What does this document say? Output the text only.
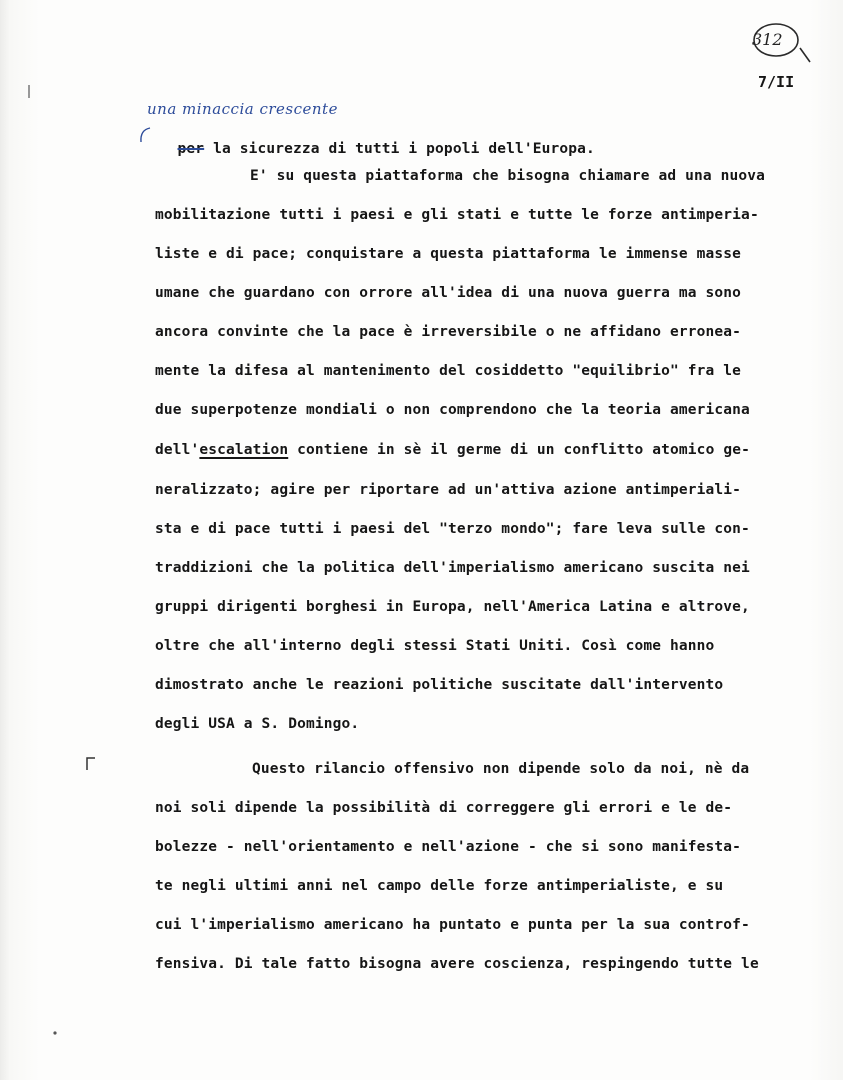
312
7/II
una minaccia crescente

per la sicurezza di tutti i popoli dell'Europa.

E' su questa piattaforma che bisogna chiamare ad una nuova
mobilitazione tutti i paesi e gli stati e tutte le forze antimperia-
liste e di pace; conquistare a questa piattaforma le immense masse
umane che guardano con orrore all'idea di una nuova guerra ma sono
ancora convinte che la pace è irreversibile o ne affidano erronea-
mente la difesa al mantenimento del cosiddetto "equilibrio" fra le
due superpotenze mondiali o non comprendono che la teoria americana
dell'escalation contiene in sè il germe di un conflitto atomico ge-
neralizzato; agire per riportare ad un'attiva azione antimperiali-
sta e di pace tutti i paesi del "terzo mondo"; fare leva sulle con-
traddizioni che la politica dell'imperialismo americano suscita nei
gruppi dirigenti borghesi in Europa, nell'America Latina e altrove,
oltre che all'interno degli stessi Stati Uniti. Così come hanno
dimostrato anche le reazioni politiche suscitate dall'intervento
degli USA a S. Domingo.
Questo rilancio offensivo non dipende solo da noi, nè da
noi soli dipende la possibilità di correggere gli errori e le de-
bolezze - nell'orientamento e nell'azione - che si sono manifesta-
te negli ultimi anni nel campo delle forze antimperialiste, e su
cui l'imperialismo americano ha puntato e punta per la sua controf-
fensiva. Di tale fatto bisogna avere coscienza, respingendo tutte le
